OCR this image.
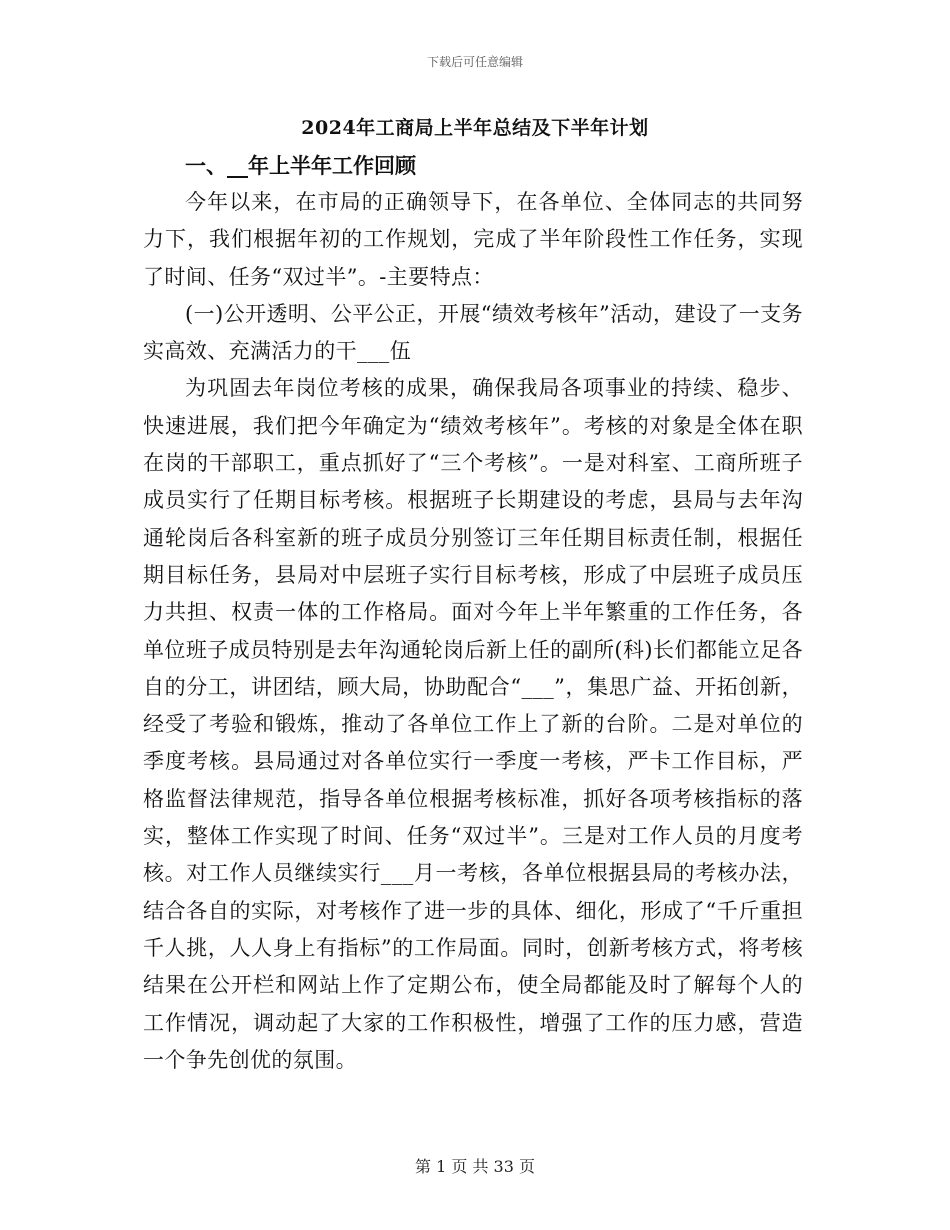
下载后可任意编辑
2024年工商局上半年总结及下半年计划

一、__年上半年工作回顾

今年以来，在市局的正确领导下，在各单位、全体同志的共同努力下，我们根据年初的工作规划，完成了半年阶段性工作任务，实现了时间、任务“双过半”。-主要特点：

(一)公开透明、公平公正，开展“绩效考核年”活动，建设了一支务实高效、充满活力的干___伍

为巩固去年岗位考核的成果，确保我局各项事业的持续、稳步、快速进展，我们把今年确定为“绩效考核年”。考核的对象是全体在职在岗的干部职工，重点抓好了“三个考核”。一是对科室、工商所班子成员实行了任期目标考核。根据班子长期建设的考虑，县局与去年沟通轮岗后各科室新的班子成员分别签订三年任期目标责任制，根据任期目标任务，县局对中层班子实行目标考核，形成了中层班子成员压力共担、权责一体的工作格局。面对今年上半年繁重的工作任务，各单位班子成员特别是去年沟通轮岗后新上任的副所(科)长们都能立足各自的分工，讲团结，顾大局，协助配合“___”，集思广益、开拓创新，经受了考验和锻炼，推动了各单位工作上了新的台阶。二是对单位的季度考核。县局通过对各单位实行一季度一考核，严卡工作目标，严格监督法律规范，指导各单位根据考核标准，抓好各项考核指标的落实，整体工作实现了时间、任务“双过半”。三是对工作人员的月度考核。对工作人员继续实行___月一考核，各单位根据县局的考核办法，结合各自的实际，对考核作了进一步的具体、细化，形成了“千斤重担千人挑，人人身上有指标”的工作局面。同时，创新考核方式，将考核结果在公开栏和网站上作了定期公布，使全局都能及时了解每个人的工作情况，调动起了大家的工作积极性，增强了工作的压力感，营造一个争先创优的氛围。

第 1 页 共 33 页
